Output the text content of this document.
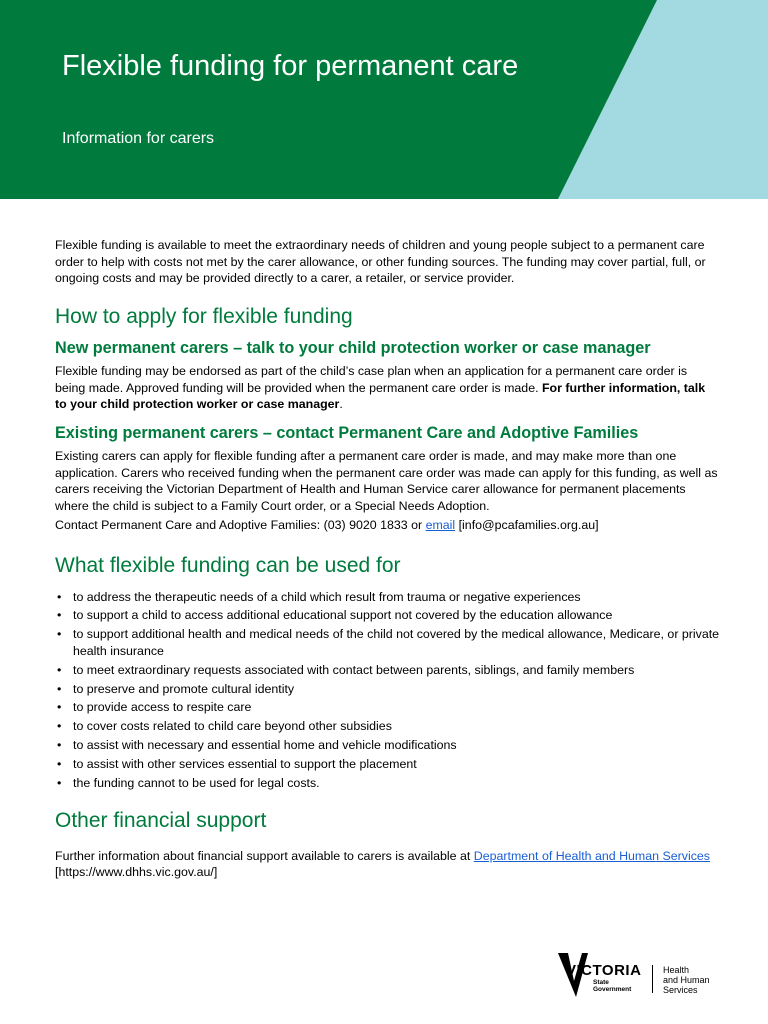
Flexible funding for permanent care
Information for carers

Flexible funding is available to meet the extraordinary needs of children and young people subject to a permanent care order to help with costs not met by the carer allowance, or other funding sources. The funding may cover partial, full, or ongoing costs and may be provided directly to a carer, a retailer, or service provider.

How to apply for flexible funding
New permanent carers – talk to your child protection worker or case manager

Flexible funding may be endorsed as part of the child’s case plan when an application for a permanent care order is being made. Approved funding will be provided when the permanent care order is made. For further information, talk to your child protection worker or case manager.

Existing permanent carers – contact Permanent Care and Adoptive Families

Existing carers can apply for flexible funding after a permanent care order is made, and may make more than one application. Carers who received funding when the permanent care order was made can apply for this funding, as well as carers receiving the Victorian Department of Health and Human Service carer allowance for permanent placements where the child is subject to a Family Court order, or a Special Needs Adoption.

Contact Permanent Care and Adoptive Families: (03) 9020 1833 or email [info@pcafamilies.org.au]

What flexible funding can be used for
• to address the therapeutic needs of a child which result from trauma or negative experiences
• to support a child to access additional educational support not covered by the education allowance
• to support additional health and medical needs of the child not covered by the medical allowance, Medicare, or private health insurance
• to meet extraordinary requests associated with contact between parents, siblings, and family members
• to preserve and promote cultural identity
• to provide access to respite care
• to cover costs related to child care beyond other subsidies
• to assist with necessary and essential home and vehicle modifications
• to assist with other services essential to support the placement
• the funding cannot to be used for legal costs.
Other financial support

Further information about financial support available to carers is available at Department of Health and Human Services [https://www.dhhs.vic.gov.au/]

VICTORIA
State
Government
Health
and Human
Services
